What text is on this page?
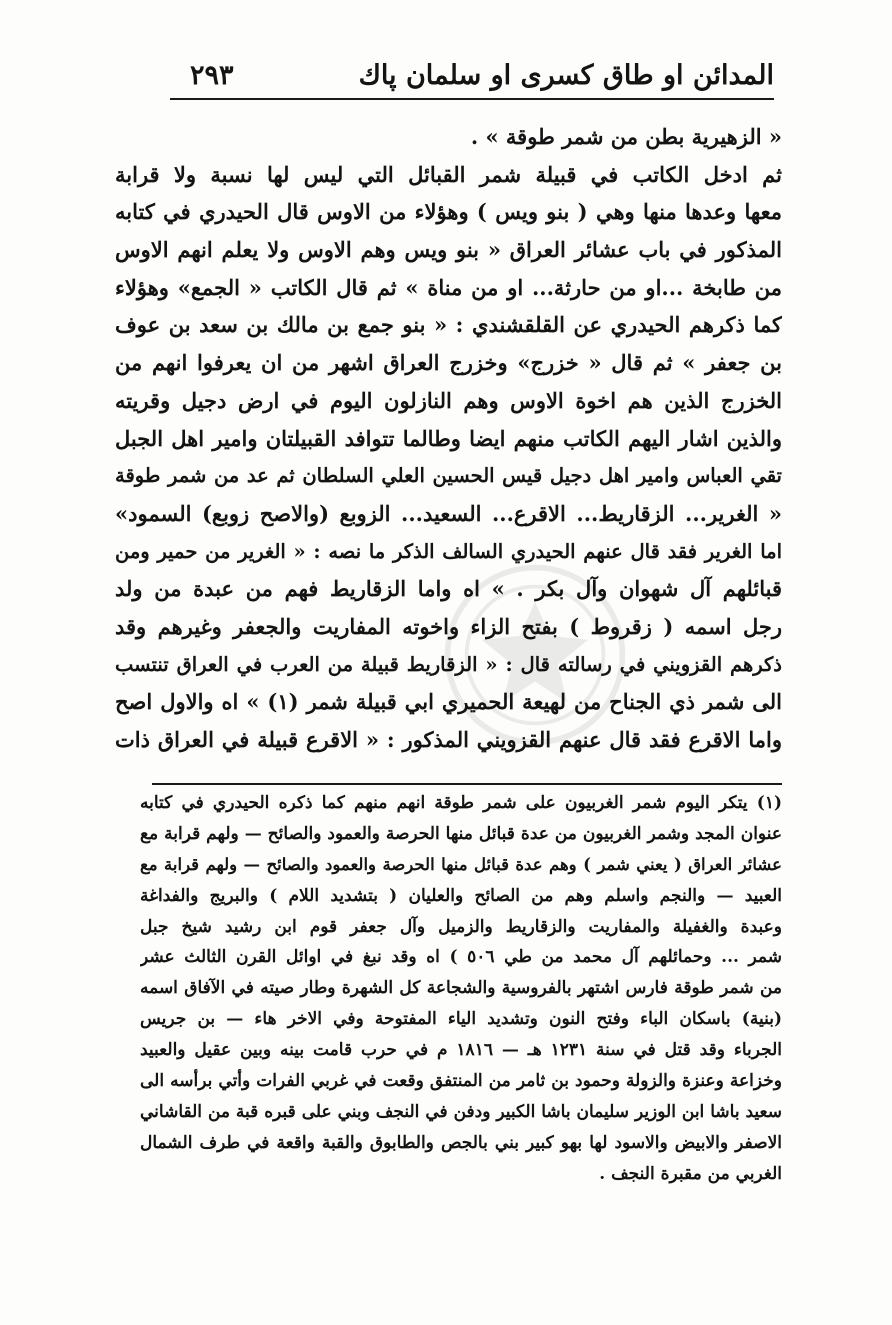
المدائن او طاق كسرى او سلمان پاك
٢٩٣
« الزهيرية بطن من شمر طوقة » .
ثم ادخل الكاتب في قبيلة شمر القبائل التي ليس لها نسبة ولا قرابة
معها وعدها منها وهي ( بنو ويس ) وهؤلاء من الاوس قال الحيدري في كتابه
المذكور في باب عشائر العراق « بنو ويس وهم الاوس ولا يعلم انهم الاوس
من طابخة ...او من حارثة... او من مناة » ثم قال الكاتب « الجمع» وهؤلاء
كما ذكرهم الحيدري عن القلقشندي : « بنو جمع بن مالك بن سعد بن عوف
بن جعفر » ثم قال « خزرج» وخزرج العراق اشهر من ان يعرفوا انهم من
الخزرج الذين هم اخوة الاوس وهم النازلون اليوم في ارض دجيل وقريته
والذين اشار اليهم الكاتب منهم ايضا وطالما تتوافد القبيلتان وامير اهل الجبل
تقي العباس وامير اهل دجيل قيس الحسين العلي السلطان ثم عد من شمر طوقة
« الغرير... الزقاريط... الاقرع... السعيد... الزوبع (والاصح زوبع) السمود»
اما الغرير فقد قال عنهم الحيدري السالف الذكر ما نصه : « الغرير من حمير ومن
قبائلهم آل شهوان وآل بكر . » اه واما الزقاريط فهم من عبدة من ولد
رجل اسمه ( زقروط ) بفتح الزاء واخوته المفاريت والجعفر وغيرهم وقد
ذكرهم القزويني في رسالته قال : « الزقاريط قبيلة من العرب في العراق تنتسب
الى شمر ذي الجناح من لهيعة الحميري ابي قبيلة شمر (١) » اه والاول اصح
واما الاقرع فقد قال عنهم القزويني المذكور : « الاقرع قبيلة في العراق ذات
(١) يتكر اليوم شمر الغربيون على شمر طوقة انهم منهم كما ذكره الحيدري في كتابه
عنوان المجد وشمر الغربيون من عدة قبائل منها الحرصة والعمود والصائح — ولهم قرابة مع
عشائر العراق ( يعني شمر ) وهم عدة قبائل منها الحرصة والعمود والصائح — ولهم قرابة مع
العبيد — والنجم واسلم وهم من الصائح والعليان ( بتشديد اللام ) والبريج والفداغة
وعبدة والغفيلة والمفاريت والزقاريط والزميل وآل جعفر قوم ابن رشيد شيخ جبل
شمر ... وحمائلهم آل محمد من طي ٥٠٦ ) اه وقد نبغ في اوائل القرن الثالث عشر
من شمر طوقة فارس اشتهر بالفروسية والشجاعة كل الشهرة وطار صيته في الآفاق اسمه
(بنية) باسكان الباء وفتح النون وتشديد الياء المفتوحة وفي الاخر هاء — بن جريس
الجرباء وقد قتل في سنة ١٢٣١ هـ — ١٨١٦ م في حرب قامت بينه وبين عقيل والعبيد
وخزاعة وعنزة والزولة وحمود بن ثامر من المنتفق وقعت في غربي الفرات وأتي برأسه الى
سعيد باشا ابن الوزير سليمان باشا الكبير ودفن في النجف وبني على قبره قبة من القاشاني
الاصفر والابيض والاسود لها بهو كبير بني بالجص والطابوق والقبة واقعة في طرف الشمال
الغربي من مقبرة النجف .
